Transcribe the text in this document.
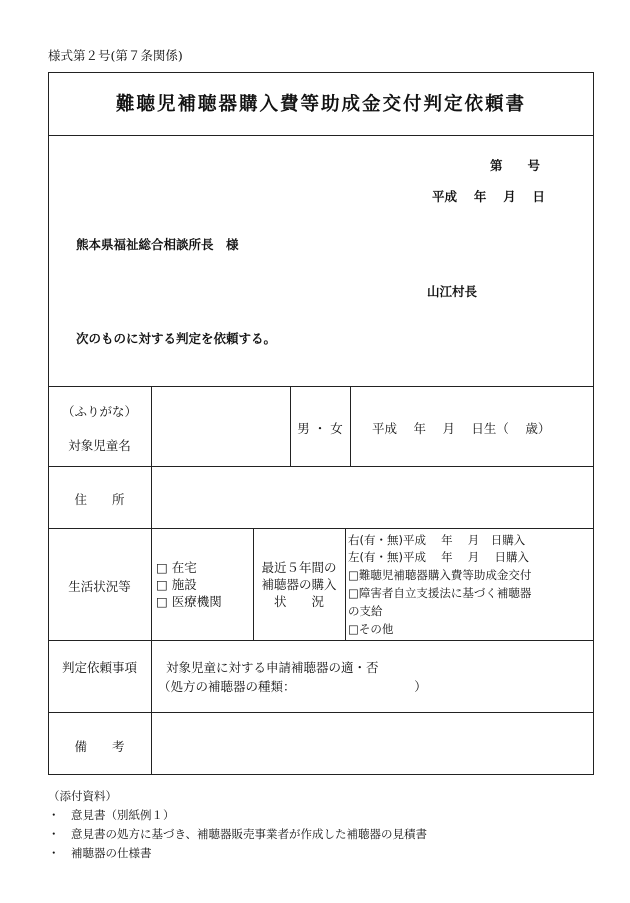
様式第２号(第７条関係)
難聴児補聴器購入費等助成金交付判定依頼書
第　　号
平成　 年　 月　 日
熊本県福祉総合相談所長　様
山江村長
次のものに対する判定を依頼する。
（ふりがな）
対象児童名
男 ・ 女	平成　 年　 月　 日生（　 歳）
住　　所
生活状況等
□ 在宅
□ 施設
□ 医療機関
最近５年間の
補聴器の購入
状　　況
右(有・無)平成　 年　 月　日購入
左(有・無)平成　 年　 月　 日購入
□難聴児補聴器購入費等助成金交付
□障害者自立支援法に基づく補聴器
の支給
□その他
判定依頼事項	対象児童に対する申請補聴器の適・否
（処方の補聴器の種類：　　　　　　　　　　）
備　　考
（添付資料）
・　意見書（別紙例１）
・　意見書の処方に基づき、補聴器販売事業者が作成した補聴器の見積書
・　補聴器の仕様書
